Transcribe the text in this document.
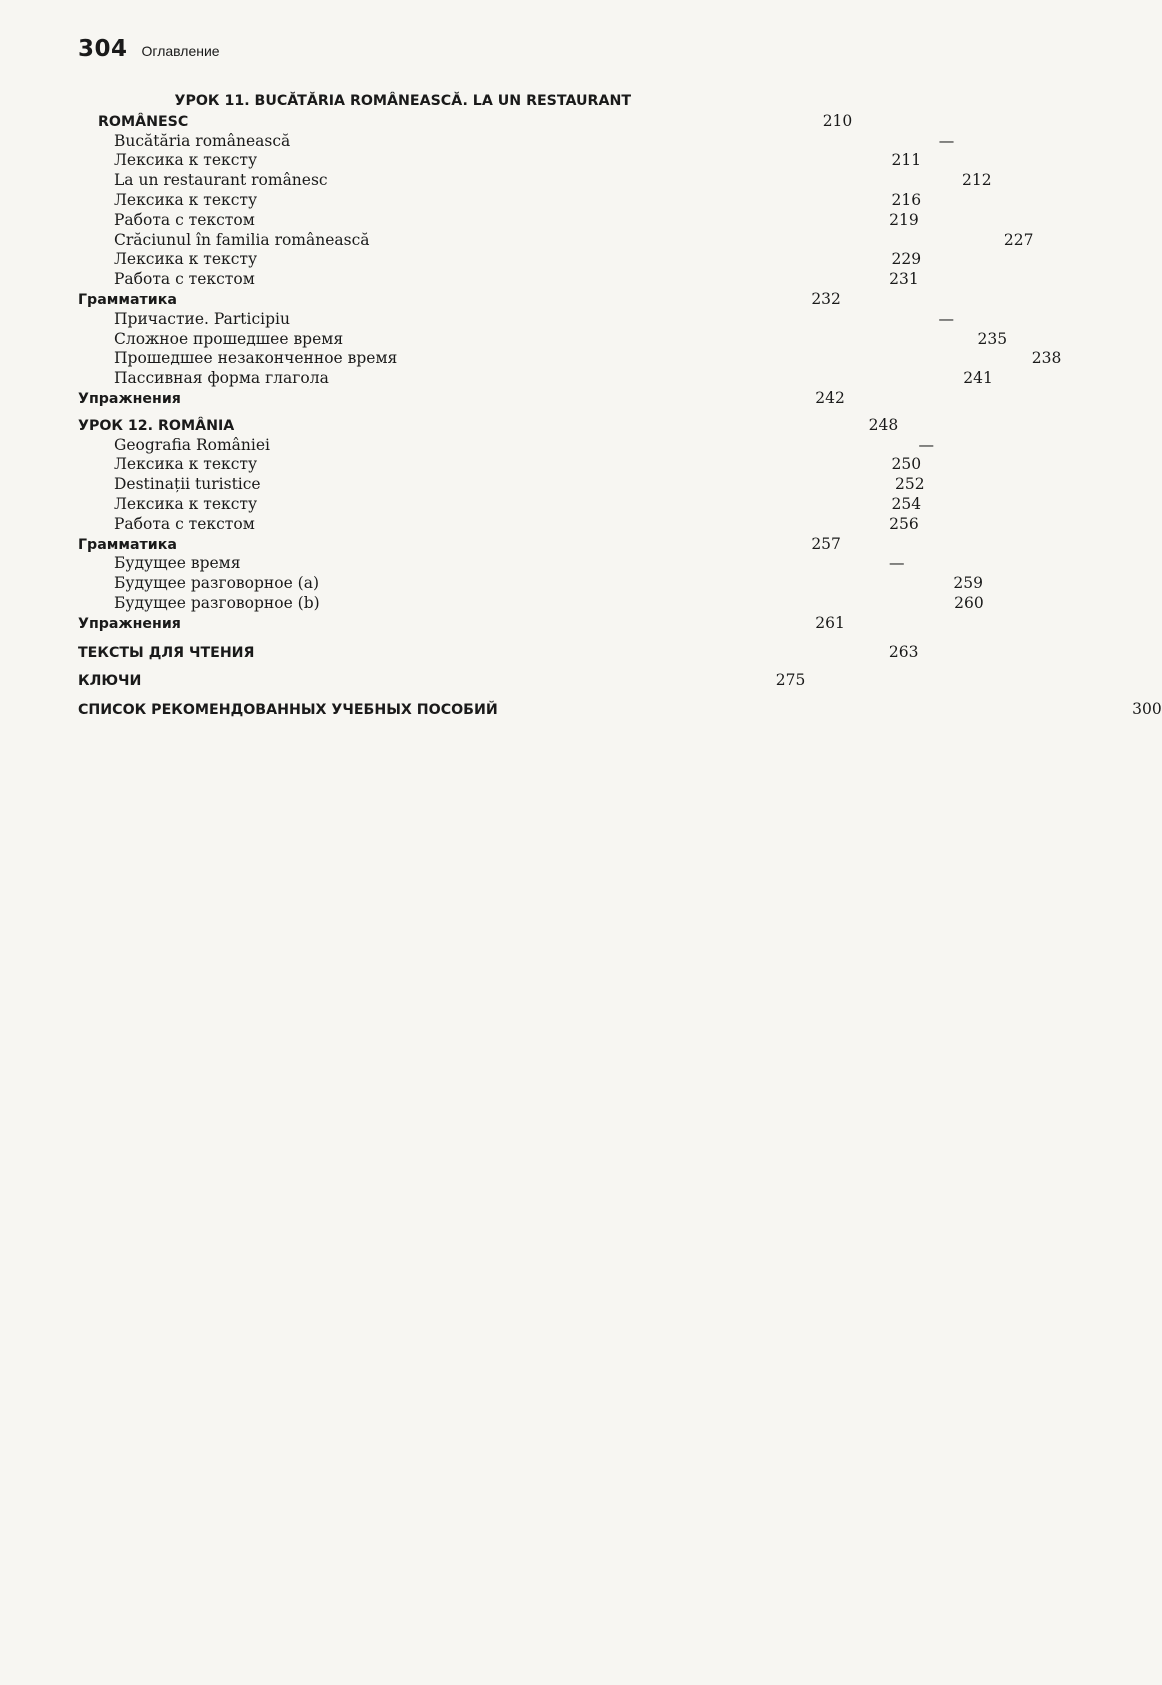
304 Оглавление
УРОК 11. BUCĂTĂRIA ROMÂNEASCĂ. LA UN RESTAURANT
ROMÂNESC	210
Bucătăria românească	—
Лексика к тексту	211
La un restaurant românesc	212
Лексика к тексту	216
Работа с текстом	219
Crăciunul în familia românească	227
Лексика к тексту	229
Работа с текстом	231
Грамматика	232
Причастие. Participiu	—
Сложное прошедшее время	235
Прошедшее незаконченное время	238
Пассивная форма глагола	241
Упражнения	242
УРОК 12. ROMÂNIA	248
Geografia României	—
Лексика к тексту	250
Destinații turistice	252
Лексика к тексту	254
Работа с текстом	256
Грамматика	257
Будущее время	—
Будущее разговорное (a)	259
Будущее разговорное (b)	260
Упражнения	261
ТЕКСТЫ ДЛЯ ЧТЕНИЯ	263
КЛЮЧИ	275
СПИСОК РЕКОМЕНДОВАННЫХ УЧЕБНЫХ ПОСОБИЙ	300
